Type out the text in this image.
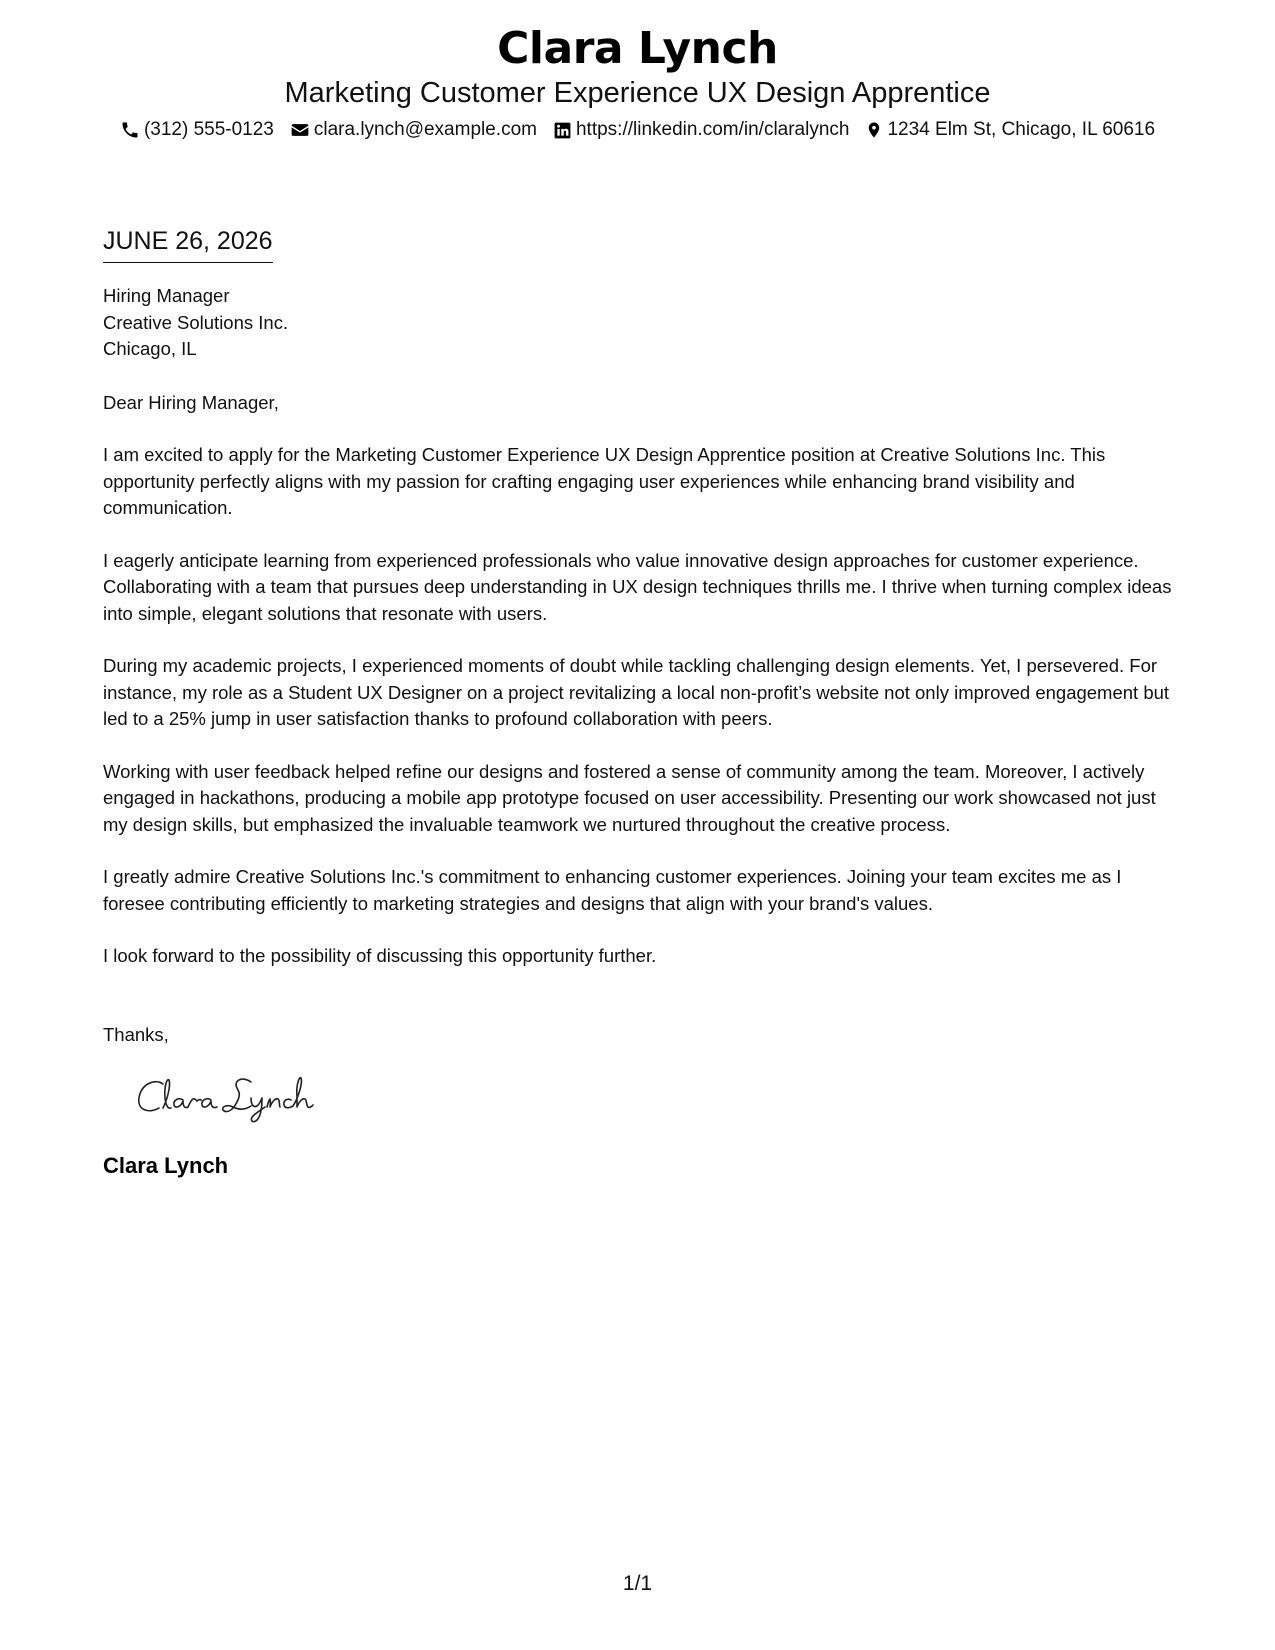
Clara Lynch
Marketing Customer Experience UX Design Apprentice
(312) 555-0123 clara.lynch@example.com https://linkedin.com/in/claralynch 1234 Elm St, Chicago, IL 60616
JUNE 26, 2026
Hiring Manager
Creative Solutions Inc.
Chicago, IL
Dear Hiring Manager,
I am excited to apply for the Marketing Customer Experience UX Design Apprentice position at Creative Solutions Inc. This opportunity perfectly aligns with my passion for crafting engaging user experiences while enhancing brand visibility and communication.
I eagerly anticipate learning from experienced professionals who value innovative design approaches for customer experience. Collaborating with a team that pursues deep understanding in UX design techniques thrills me. I thrive when turning complex ideas into simple, elegant solutions that resonate with users.
During my academic projects, I experienced moments of doubt while tackling challenging design elements. Yet, I persevered. For instance, my role as a Student UX Designer on a project revitalizing a local non-profit’s website not only improved engagement but led to a 25% jump in user satisfaction thanks to profound collaboration with peers.
Working with user feedback helped refine our designs and fostered a sense of community among the team. Moreover, I actively engaged in hackathons, producing a mobile app prototype focused on user accessibility. Presenting our work showcased not just my design skills, but emphasized the invaluable teamwork we nurtured throughout the creative process.
I greatly admire Creative Solutions Inc.'s commitment to enhancing customer experiences. Joining your team excites me as I foresee contributing efficiently to marketing strategies and designs that align with your brand's values.
I look forward to the possibility of discussing this opportunity further.
Thanks,
Clara Lynch
1/1
